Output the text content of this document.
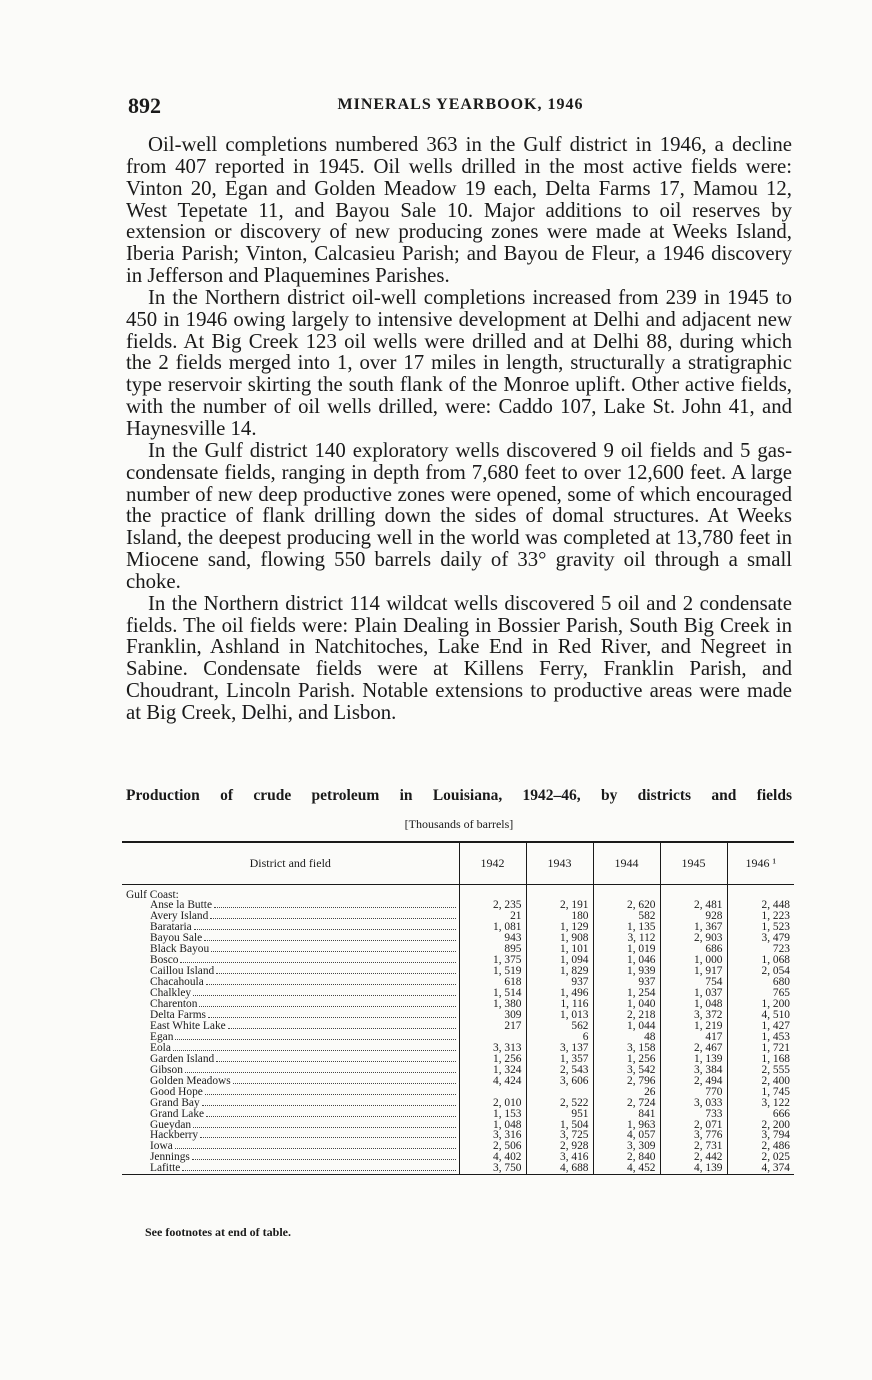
892	MINERALS YEARBOOK, 1946

Oil-well completions numbered 363 in the Gulf district in 1946, a decline from 407 reported in 1945. Oil wells drilled in the most active fields were: Vinton 20, Egan and Golden Meadow 19 each, Delta Farms 17, Mamou 12, West Tepetate 11, and Bayou Sale 10. Major additions to oil reserves by extension or discovery of new producing zones were made at Weeks Island, Iberia Parish; Vinton, Calcasieu Parish; and Bayou de Fleur, a 1946 discovery in Jefferson and Plaquemines Parishes.

In the Northern district oil-well completions increased from 239 in 1945 to 450 in 1946 owing largely to intensive development at Delhi and adjacent new fields. At Big Creek 123 oil wells were drilled and at Delhi 88, during which the 2 fields merged into 1, over 17 miles in length, structurally a stratigraphic type reservoir skirting the south flank of the Monroe uplift. Other active fields, with the number of oil wells drilled, were: Caddo 107, Lake St. John 41, and Haynesville 14.

In the Gulf district 140 exploratory wells discovered 9 oil fields and 5 gas-condensate fields, ranging in depth from 7,680 feet to over 12,600 feet. A large number of new deep productive zones were opened, some of which encouraged the practice of flank drilling down the sides of domal structures. At Weeks Island, the deepest producing well in the world was completed at 13,780 feet in Miocene sand, flowing 550 barrels daily of 33° gravity oil through a small choke.

In the Northern district 114 wildcat wells discovered 5 oil and 2 condensate fields. The oil fields were: Plain Dealing in Bossier Parish, South Big Creek in Franklin, Ashland in Natchitoches, Lake End in Red River, and Negreet in Sabine. Condensate fields were at Killens Ferry, Franklin Parish, and Choudrant, Lincoln Parish. Notable extensions to productive areas were made at Big Creek, Delhi, and Lisbon.

Production of crude petroleum in Louisiana, 1942–46, by districts and fields
[Thousands of barrels]
District and field	1942	1943	1944	1945	1946 ¹

Gulf Coast:					

Anse la Butte	2, 235	2, 191	2, 620	2, 481	2, 448

Avery Island	21	180	582	928	1, 223

Barataria	1, 081	1, 129	1, 135	1, 367	1, 523

Bayou Sale	943	1, 908	3, 112	2, 903	3, 479

Black Bayou	895	1, 101	1, 019	686	723

Bosco	1, 375	1, 094	1, 046	1, 000	1, 068

Caillou Island	1, 519	1, 829	1, 939	1, 917	2, 054

Chacahoula	618	937	937	754	680

Chalkley	1, 514	1, 496	1, 254	1, 037	765

Charenton	1, 380	1, 116	1, 040	1, 048	1, 200

Delta Farms	309	1, 013	2, 218	3, 372	4, 510

East White Lake	217	562	1, 044	1, 219	1, 427

Egan		6	48	417	1, 453

Eola	3, 313	3, 137	3, 158	2, 467	1, 721

Garden Island	1, 256	1, 357	1, 256	1, 139	1, 168

Gibson	1, 324	2, 543	3, 542	3, 384	2, 555

Golden Meadows	4, 424	3, 606	2, 796	2, 494	2, 400

Good Hope			26	770	1, 745

Grand Bay	2, 010	2, 522	2, 724	3, 033	3, 122

Grand Lake	1, 153	951	841	733	666

Gueydan	1, 048	1, 504	1, 963	2, 071	2, 200

Hackberry	3, 316	3, 725	4, 057	3, 776	3, 794

Iowa	2, 506	2, 928	3, 309	2, 731	2, 486

Jennings	4, 402	3, 416	2, 840	2, 442	2, 025

Lafitte	3, 750	4, 688	4, 452	4, 139	4, 374
See footnotes at end of table.
